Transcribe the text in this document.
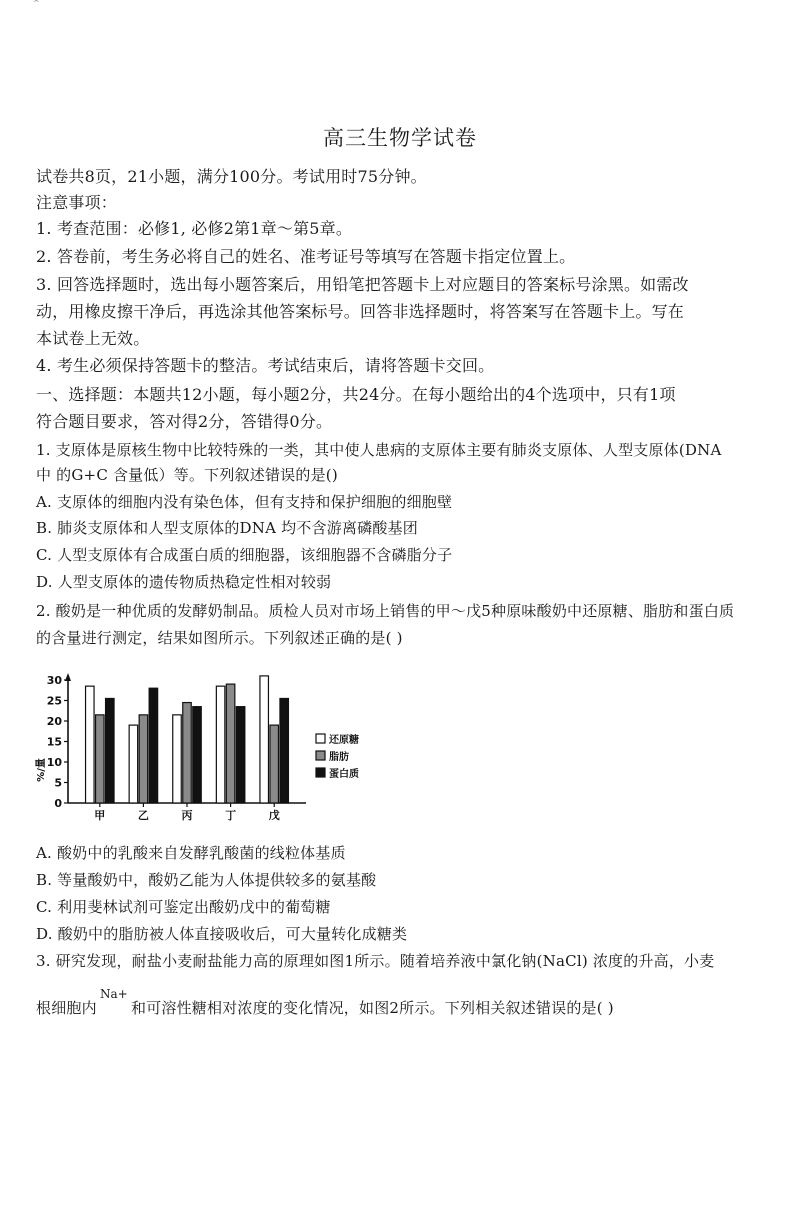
^

高三生物学试卷

试卷共8页，21小题，满分100分。考试用时75分钟。

注意事项：

1. 考查范围：必修1, 必修2第1章～第5章。

2. 答卷前，考生务必将自己的姓名、准考证号等填写在答题卡指定位置上。

3. 回答选择题时，选出每小题答案后，用铅笔把答题卡上对应题目的答案标号涂黑。如需改

动，用橡皮擦干净后，再选涂其他答案标号。回答非选择题时，将答案写在答题卡上。写在

本试卷上无效。

4. 考生必须保持答题卡的整洁。考试结束后，请将答题卡交回。

一、选择题：本题共12小题，每小题2分，共24分。在每小题给出的4个选项中，只有1项

符合题目要求，答对得2分，答错得0分。

1. 支原体是原核生物中比较特殊的一类，其中使人患病的支原体主要有肺炎支原体、人型支原体(DNA

中 的G+C 含量低）等。下列叙述错误的是()

A. 支原体的细胞内没有染色体，但有支持和保护细胞的细胞壁

B. 肺炎支原体和人型支原体的DNA 均不含游离磷酸基团

C. 人型支原体有合成蛋白质的细胞器，该细胞器不含磷脂分子

D. 人型支原体的遗传物质热稳定性相对较弱

2. 酸奶是一种优质的发酵奶制品。质检人员对市场上销售的甲～戊5种原味酸奶中还原糖、脂肪和蛋白质

的含量进行测定，结果如图所示。下列叙述正确的是( )

0
5
10
15
20
25
30
%/量
甲	乙	丙	丁	戊
还原糖
脂肪
蛋白质

A. 酸奶中的乳酸来自发酵乳酸菌的线粒体基质

B. 等量酸奶中，酸奶乙能为人体提供较多的氨基酸

C. 利用斐林试剂可鉴定出酸奶戊中的葡萄糖

D. 酸奶中的脂肪被人体直接吸收后，可大量转化成糖类

3. 研究发现，耐盐小麦耐盐能力高的原理如图1所示。随着培养液中氯化钠(NaCl) 浓度的升高，小麦

Na+

根细胞内 和可溶性糖相对浓度的变化情况，如图2所示。下列相关叙述错误的是( )
